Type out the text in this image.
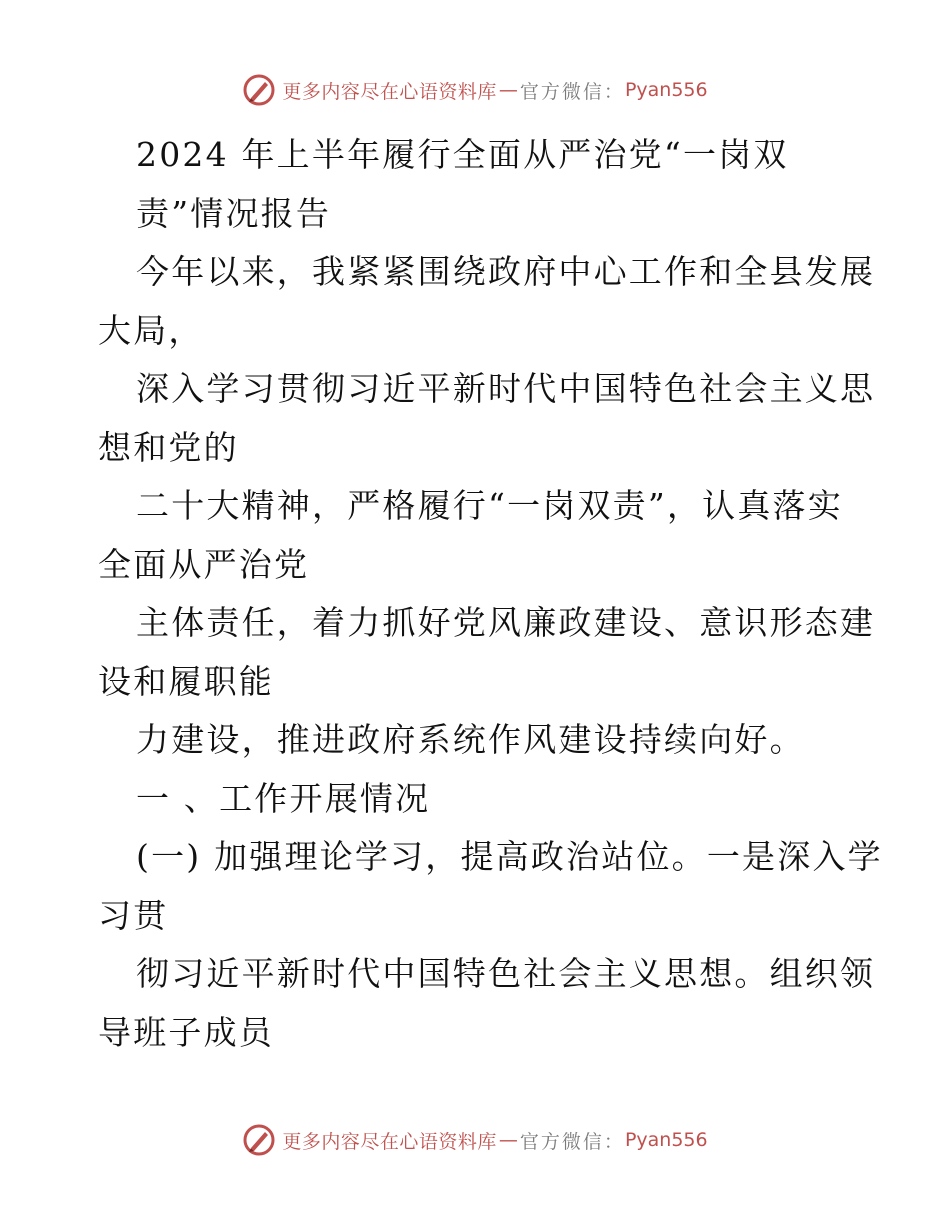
更多内容尽在心语资料库 — 官方微信： Pyan556
2024 年上半年履行全面从严治党“一岗双
责”情况报告
今年以来，我紧紧围绕政府中心工作和全县发展
大局，
深入学习贯彻习近平新时代中国特色社会主义思
想和党的
二十大精神，严格履行“一岗双责”，认真落实
全面从严治党
主体责任，着力抓好党风廉政建设、意识形态建
设和履职能
力建设，推进政府系统作风建设持续向好。
一 、工作开展情况
(一) 加强理论学习，提高政治站位。一是深入学
习贯
彻习近平新时代中国特色社会主义思想。组织领
导班子成员
更多内容尽在心语资料库 — 官方微信： Pyan556
